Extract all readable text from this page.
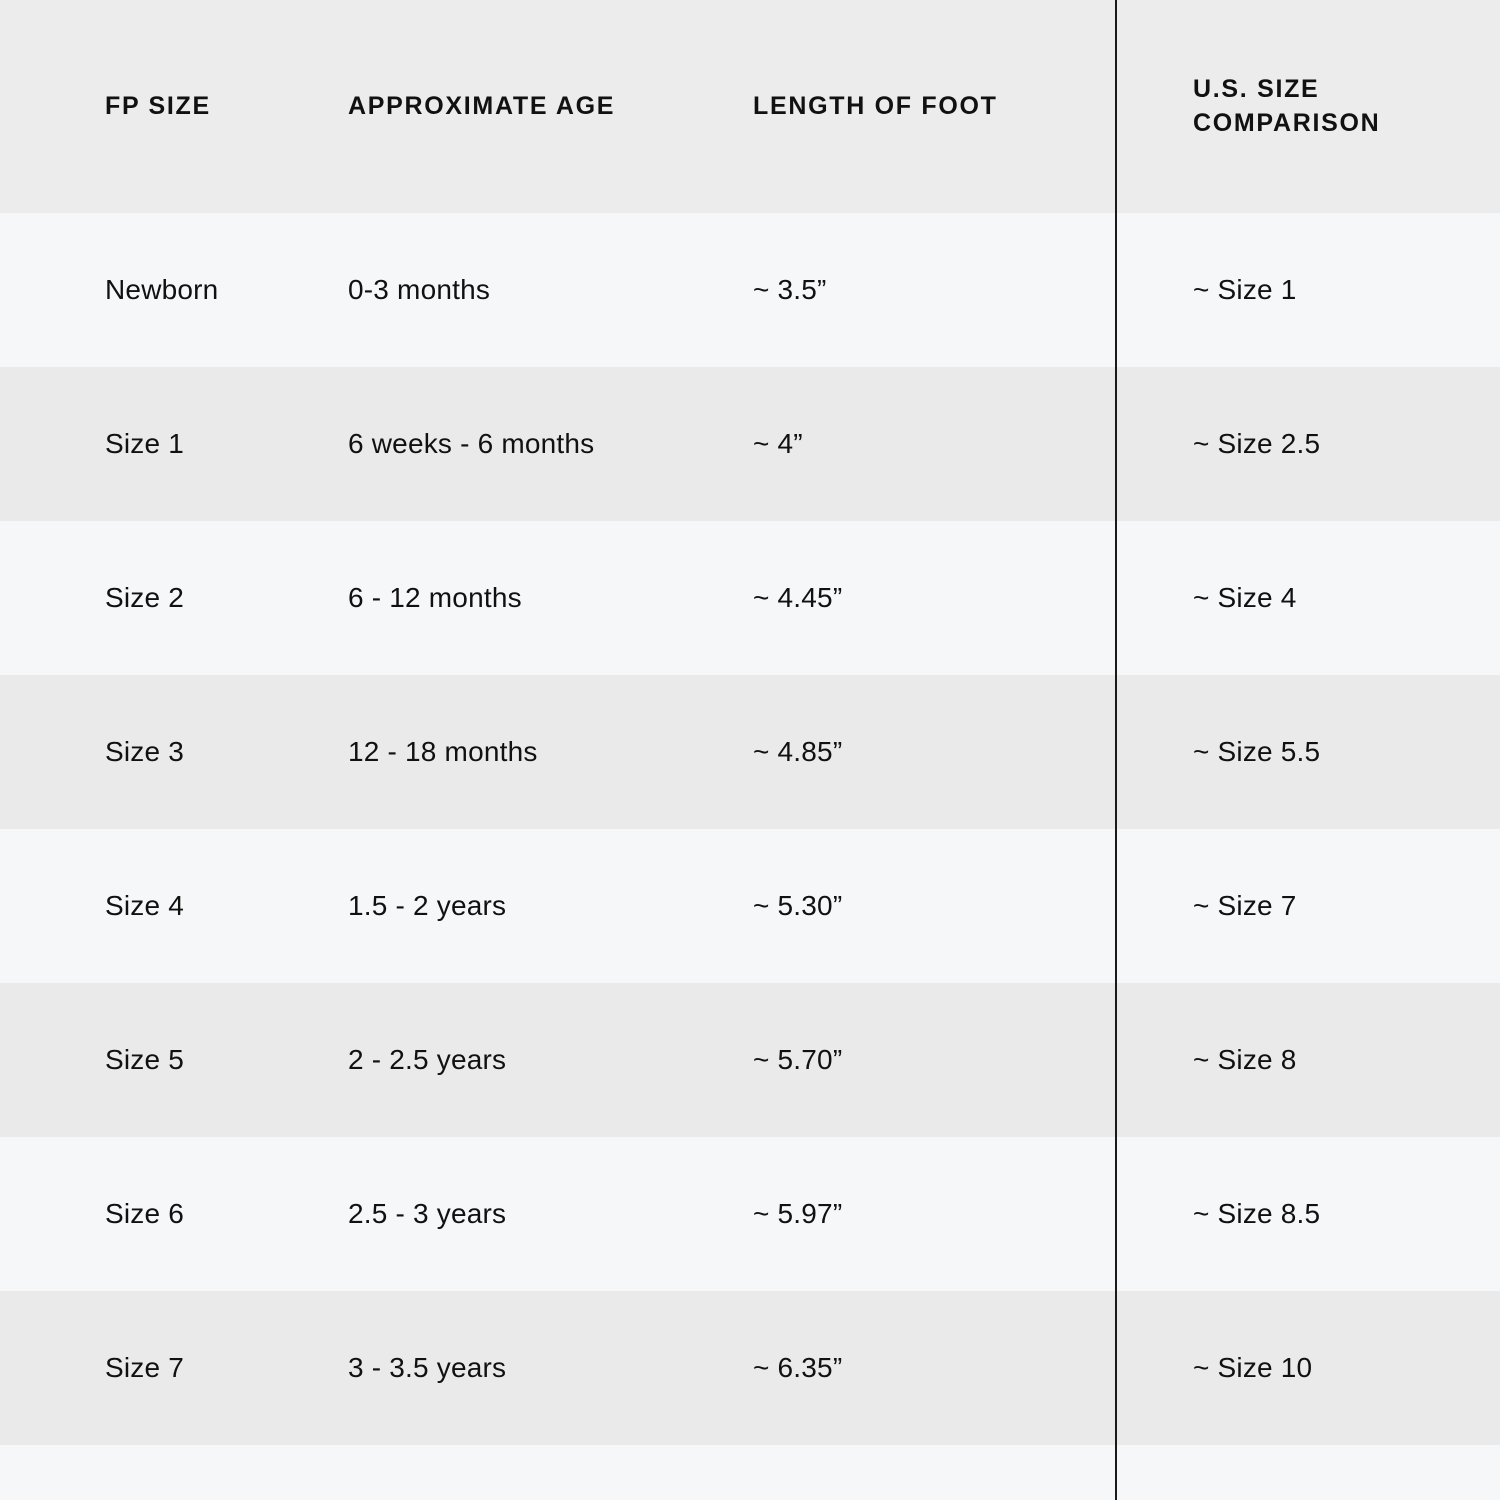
FP SIZE	APPROXIMATE AGE	LENGTH OF FOOT	U.S. SIZE
COMPARISON
Newborn	0-3 months	~ 3.5”	~ Size 1
Size 1	6 weeks - 6 months	~ 4”	~ Size 2.5
Size 2	6 - 12 months	~ 4.45”	~ Size 4
Size 3	12 - 18 months	~ 4.85”	~ Size 5.5
Size 4	1.5 - 2 years	~ 5.30”	~ Size 7
Size 5	2 - 2.5 years	~ 5.70”	~ Size 8
Size 6	2.5 - 3 years	~ 5.97”	~ Size 8.5
Size 7	3 - 3.5 years	~ 6.35”	~ Size 10
